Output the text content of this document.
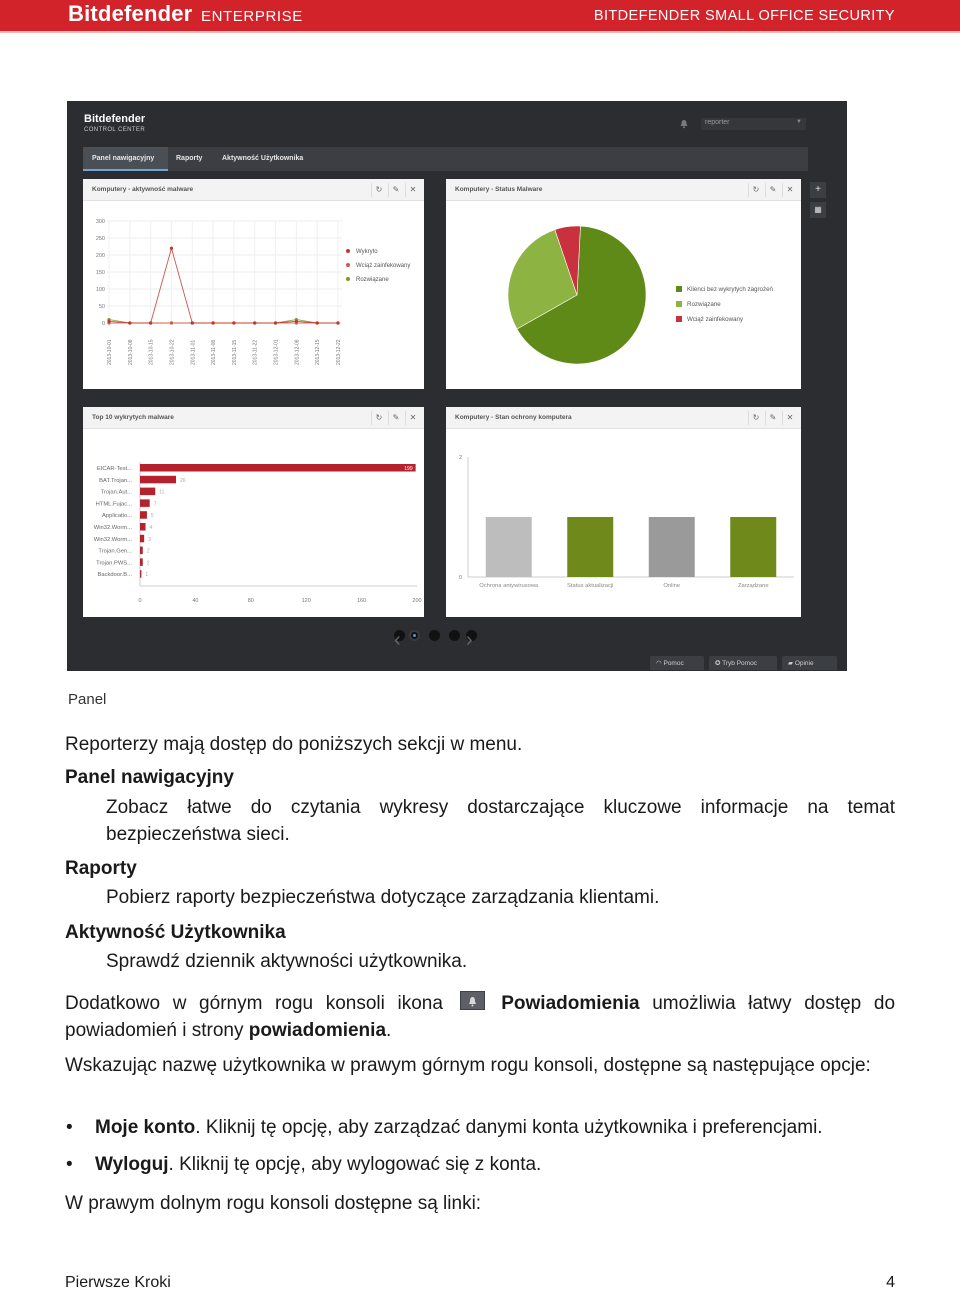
Bitdefender ENTERPRISE	BITDEFENDER SMALL OFFICE SECURITY
Bitdefender
CONTROL CENTER
reporter	▼
Panel nawigacyjny	Raporty	Aktywność Użytkownika
Komputery - aktywność malware	↻	✎	✕
300
250
200
150
100
50
0
2013-10-01	2013-10-08	2013-10-15	2013-10-22	2013-11-01	2013-11-08	2013-11-15	2013-11-22	2013-12-01	2013-12-08	2013-12-15	2013-12-22
Wykryto
Wciąż zainfekowany
Rozwiązane
Komputery - Status Malware	↻	✎	✕
Klienci bez wykrytych zagrożeń
Rozwiązane
Wciąż zainfekowany
Top 10 wykrytych malware	↻	✎	✕
EICAR-Test...	199
BAT.Trojan...	26
Trojan.Aut...	11
HTML.Fujac...	7
Applicatio...	5
Win32.Worm...	4
Win32.Worm...	3
Trojan.Gen...	2
Trojan.PWS...	2
Backdoor.B...	1
0	40	80	120	160	200
Komputery - Stan ochrony komputera	↻	✎	✕
2
0
Ochrona antywirusowa	Status aktualizacji	Online	Zarządzane
+
▦
‹	›
◠ Pomoc	✪ Tryb Pomoc	▰ Opinie
Panel
Reporterzy mają dostęp do poniższych sekcji w menu.
Panel nawigacyjny
Zobacz łatwe do czytania wykresy dostarczające kluczowe informacje na temat bezpieczeństwa sieci.
Raporty
Pobierz raporty bezpieczeństwa dotyczące zarządzania klientami.
Aktywność Użytkownika
Sprawdź dziennik aktywności użytkownika.
Dodatkowo w górnym rogu konsoli ikona	Powiadomienia umożliwia łatwy dostęp do powiadomień i strony powiadomienia.
Wskazując nazwę użytkownika w prawym górnym rogu konsoli, dostępne są następujące opcje:
• Moje konto. Kliknij tę opcję, aby zarządzać danymi konta użytkownika i preferencjami.
• Wyloguj. Kliknij tę opcję, aby wylogować się z konta.
W prawym dolnym rogu konsoli dostępne są linki:
Pierwsze Kroki	4
